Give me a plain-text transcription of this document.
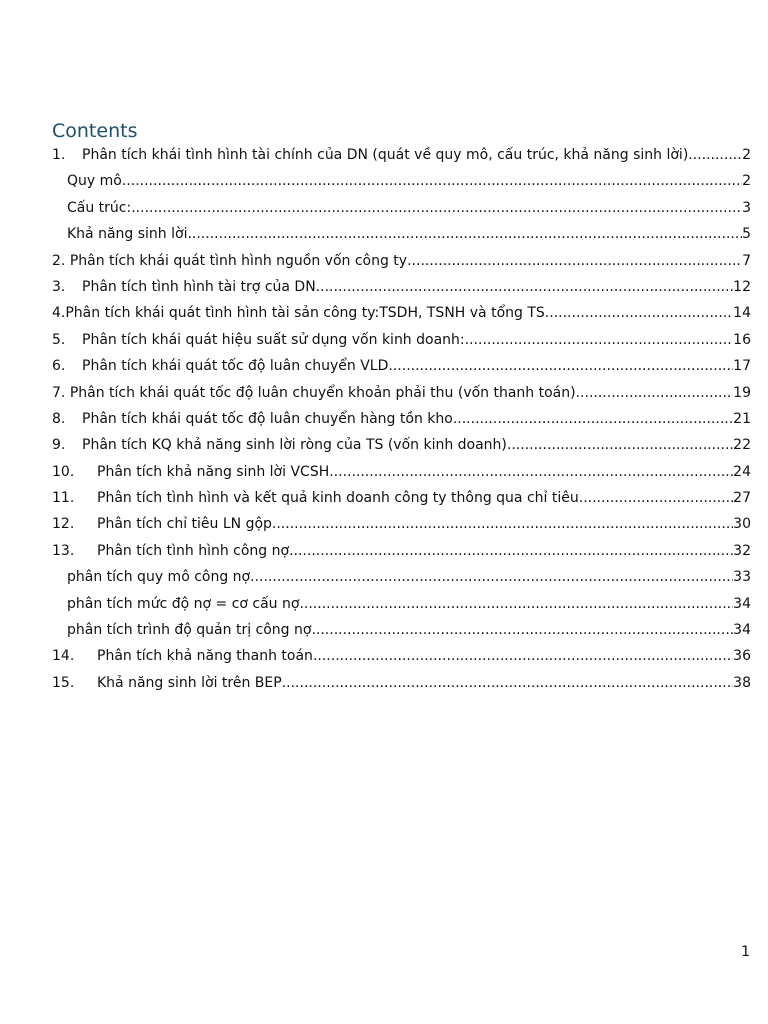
Contents
1.	Phân tích khái tình hình tài chính của DN (quát về quy mô, cấu trúc, khả năng sinh lời) .....	2
Quy mô .....	2
Cấu trúc: .....	3
Khả năng sinh lời .....	5
2. Phân tích khái quát tình hình nguồn vốn công ty .....	7
3.	Phân tích tình hình tài trợ của DN .....	12
4. Phân tích khái quát tình hình tài sản công ty:TSDH, TSNH và tổng TS .....	14
5.	Phân tích khái quát hiệu suất sử dụng vốn kinh doanh: .....	16
6.	Phân tích khái quát tốc độ luân chuyển VLD .....	17
7. Phân tích khái quát tốc độ luân chuyển khoản phải thu (vốn thanh toán) .....	19
8.	Phân tích khái quát tốc độ luân chuyển hàng tồn kho .....	21
9.	Phân tích KQ khả năng sinh lời ròng của TS (vốn kinh doanh) .....	22
10.	Phân tích khả năng sinh lời VCSH .....	24
11.	Phân tích tình hình và kết quả kinh doanh công ty thông qua chỉ tiêu .....	27
12.	Phân tích chỉ tiêu LN gộp .....	30
13.	Phân tích tình hình công nợ .....	32
phân tích quy mô công nợ .....	33
phân tích mức độ nợ = cơ cấu nợ .....	34
phân tích trình độ quản trị công nợ .....	34
14.	Phân tích khả năng thanh toán .....	36
15.	Khả năng sinh lời trên BEP .....	38
1
